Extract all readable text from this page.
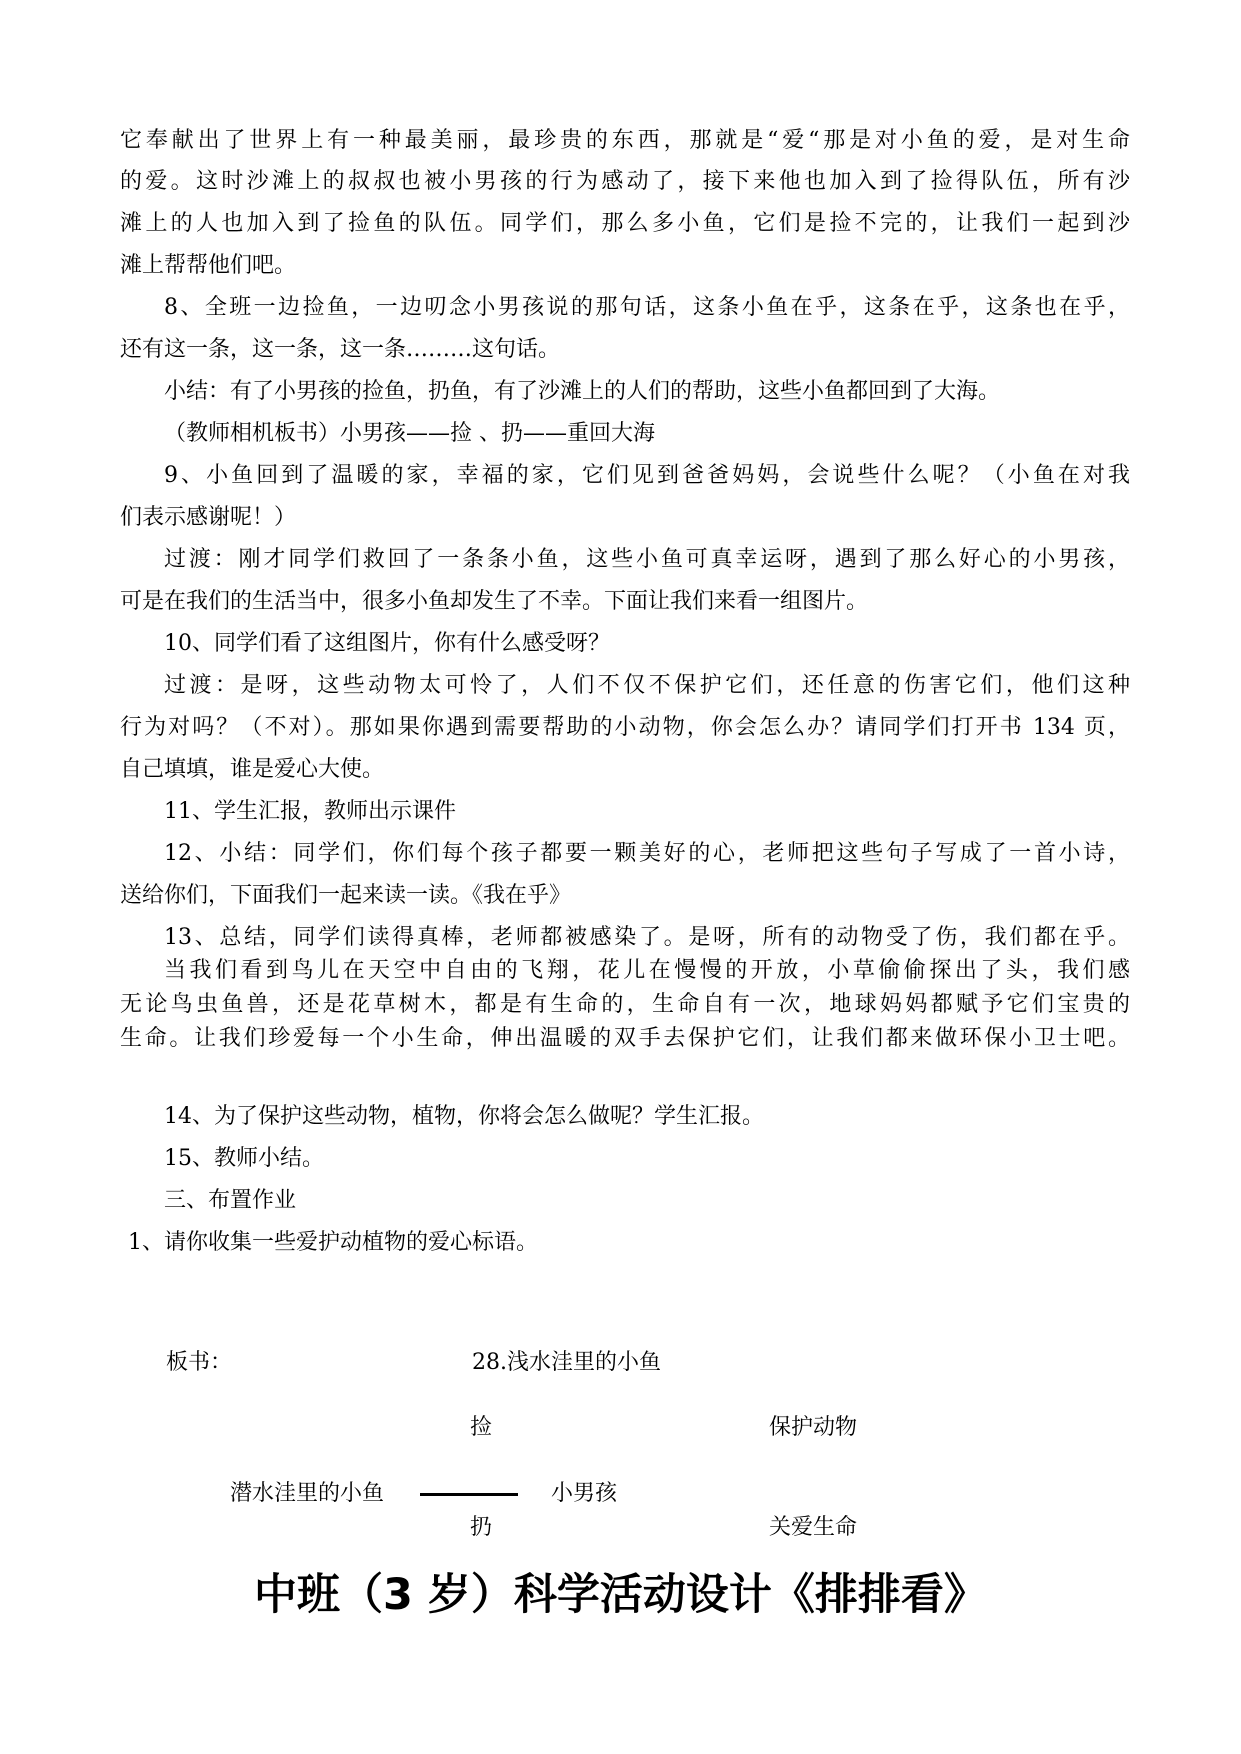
它奉献出了世界上有一种最美丽，最珍贵的东西，那就是“爱“那是对小鱼的爱，是对生命
的爱。这时沙滩上的叔叔也被小男孩的行为感动了，接下来他也加入到了捡得队伍，所有沙
滩上的人也加入到了捡鱼的队伍。同学们，那么多小鱼，它们是捡不完的，让我们一起到沙
滩上帮帮他们吧。
8、全班一边捡鱼，一边叨念小男孩说的那句话，这条小鱼在乎，这条在乎，这条也在乎，
还有这一条，这一条，这一条………这句话。
小结：有了小男孩的捡鱼，扔鱼，有了沙滩上的人们的帮助，这些小鱼都回到了大海。
（教师相机板书）小男孩——捡 、扔——重回大海
9、小鱼回到了温暖的家，幸福的家，它们见到爸爸妈妈，会说些什么呢？（小鱼在对我
们表示感谢呢！）
过渡：刚才同学们救回了一条条小鱼，这些小鱼可真幸运呀，遇到了那么好心的小男孩，
可是在我们的生活当中，很多小鱼却发生了不幸。下面让我们来看一组图片。
10、同学们看了这组图片，你有什么感受呀？
过渡：是呀，这些动物太可怜了，人们不仅不保护它们，还任意的伤害它们，他们这种
行为对吗？（不对）。那如果你遇到需要帮助的小动物，你会怎么办？请同学们打开书 134 页，
自己填填，谁是爱心大使。
11、学生汇报，教师出示课件
12、小结：同学们，你们每个孩子都要一颗美好的心，老师把这些句子写成了一首小诗，
送给你们，下面我们一起来读一读。《我在乎》
13、总结，同学们读得真棒，老师都被感染了。是呀，所有的动物受了伤，我们都在乎。
当我们看到鸟儿在天空中自由的飞翔，花儿在慢慢的开放，小草偷偷探出了头，我们感
无论鸟虫鱼兽，还是花草树木，都是有生命的，生命自有一次，地球妈妈都赋予它们宝贵的
生命。让我们珍爱每一个小生命，伸出温暖的双手去保护它们，让我们都来做环保小卫士吧。
14、为了保护这些动物，植物，你将会怎么做呢？学生汇报。
15、教师小结。
三、布置作业
1、请你收集一些爱护动植物的爱心标语。
板书：	28.浅水洼里的小鱼
捡	保护动物
潜水洼里的小鱼	小男孩
扔	关爱生命
中班（3 岁）科学活动设计《排排看》
